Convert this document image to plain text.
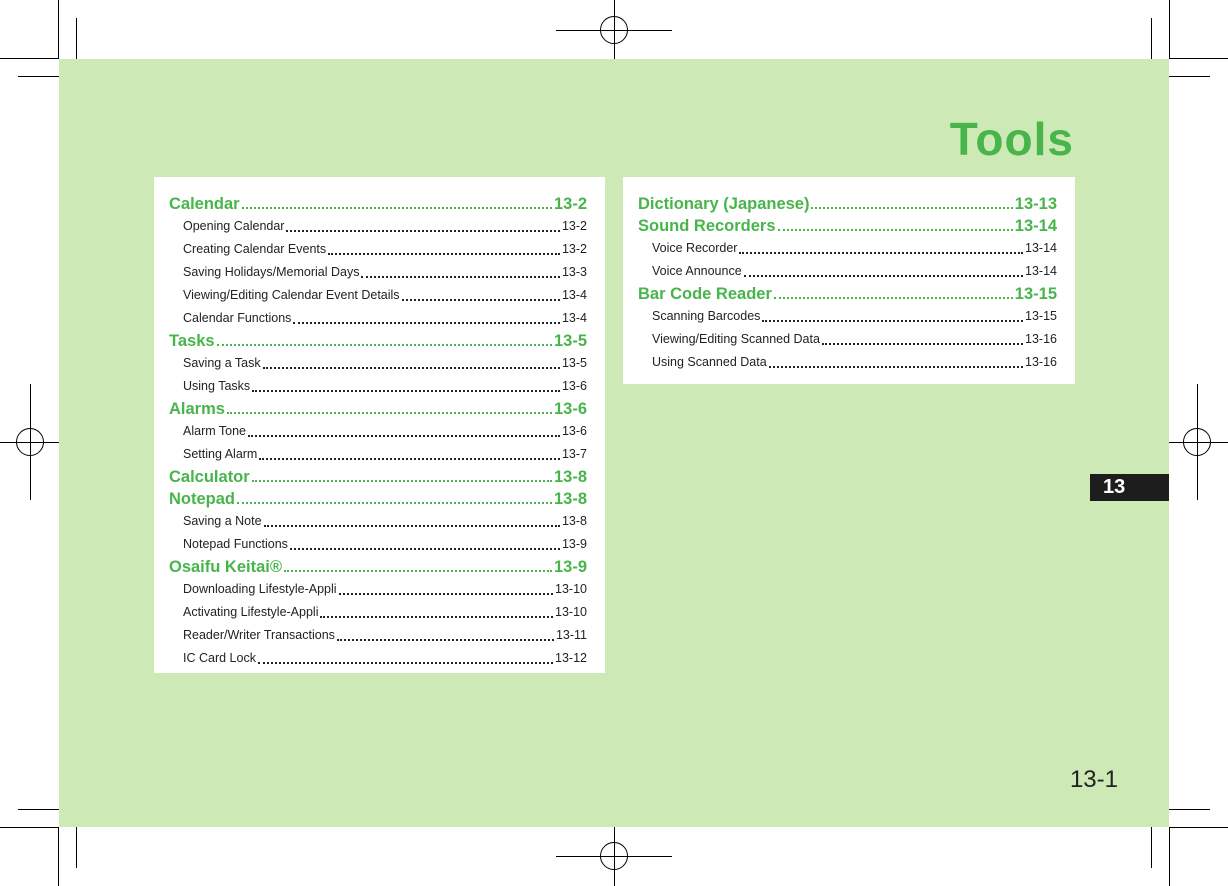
Tools
Calendar	13-2
Opening Calendar	13-2
Creating Calendar Events	13-2
Saving Holidays/Memorial Days	13-3
Viewing/Editing Calendar Event Details	13-4
Calendar Functions	13-4
Tasks	13-5
Saving a Task	13-5
Using Tasks	13-6
Alarms	13-6
Alarm Tone	13-6
Setting Alarm	13-7
Calculator	13-8
Notepad	13-8
Saving a Note	13-8
Notepad Functions	13-9
Osaifu Keitai®	13-9
Downloading Lifestyle-Appli	13-10
Activating Lifestyle-Appli	13-10
Reader/Writer Transactions	13-11
IC Card Lock	13-12
Dictionary (Japanese)	13-13
Sound Recorders	13-14
Voice Recorder	13-14
Voice Announce	13-14
Bar Code Reader	13-15
Scanning Barcodes	13-15
Viewing/Editing Scanned Data	13-16
Using Scanned Data	13-16
13
13-1
